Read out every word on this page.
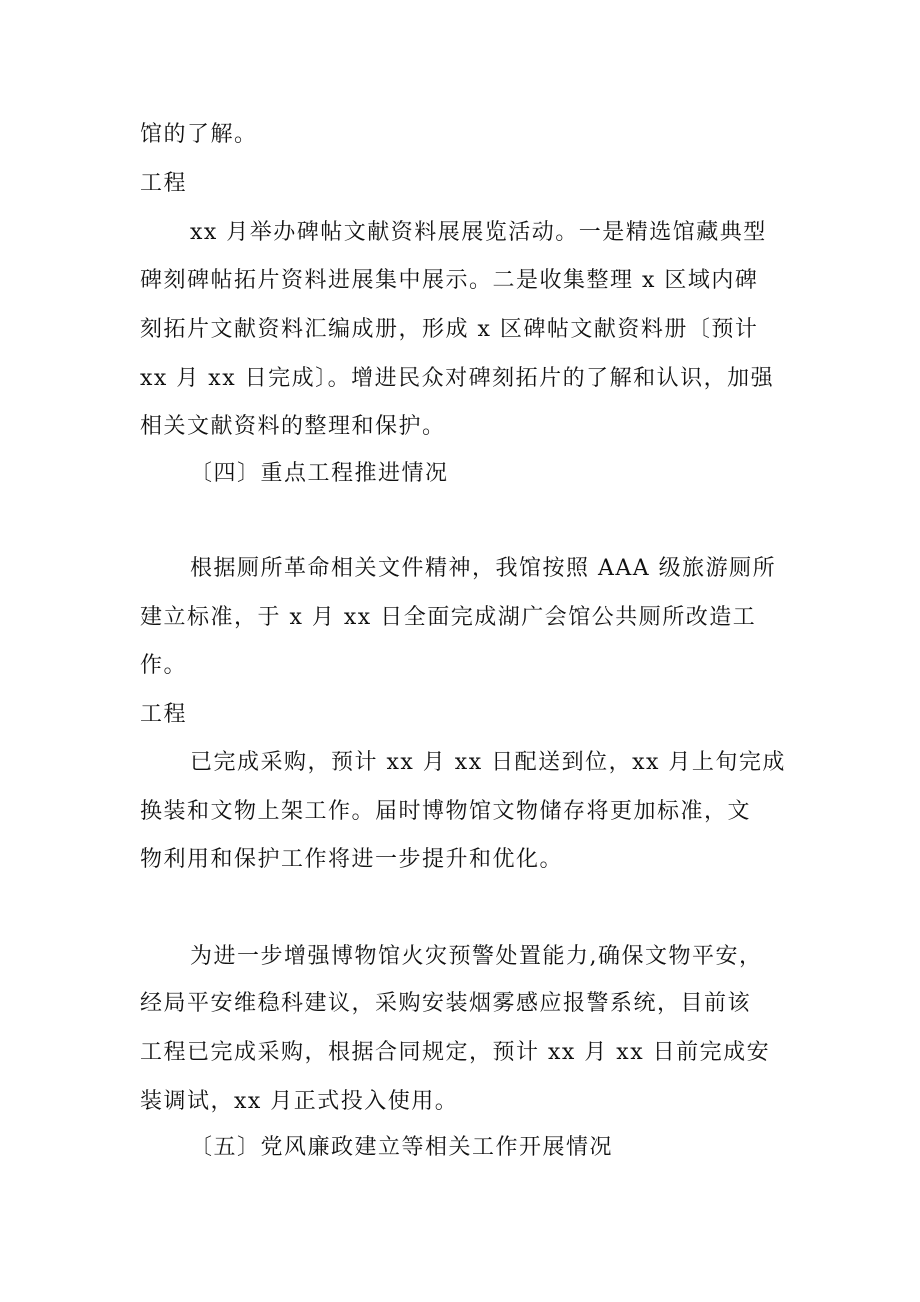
馆的了解。
工程
xx 月举办碑帖文献资料展展览活动。一是精选馆藏典型
碑刻碑帖拓片资料进展集中展示。二是收集整理 x 区域内碑
刻拓片文献资料汇编成册，形成 x 区碑帖文献资料册〔预计
xx 月 xx 日完成〕。增进民众对碑刻拓片的了解和认识，加强
相关文献资料的整理和保护。
〔四〕重点工程推进情况
根据厕所革命相关文件精神，我馆按照 AAA 级旅游厕所
建立标准，于 x 月 xx 日全面完成湖广会馆公共厕所改造工
作。
工程
已完成采购，预计 xx 月 xx 日配送到位，xx 月上旬完成
换装和文物上架工作。届时博物馆文物储存将更加标准，文
物利用和保护工作将进一步提升和优化。
为进一步增强博物馆火灾预警处置能力,确保文物平安，
经局平安维稳科建议，采购安装烟雾感应报警系统，目前该
工程已完成采购，根据合同规定，预计 xx 月 xx 日前完成安
装调试，xx 月正式投入使用。
〔五〕党风廉政建立等相关工作开展情况
